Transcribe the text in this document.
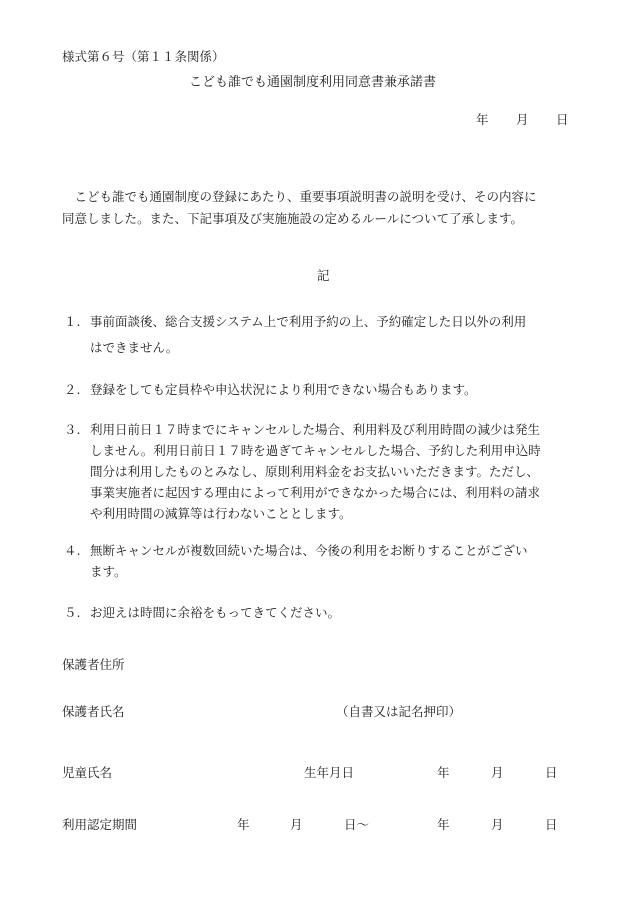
様式第６号（第１１条関係）
こども誰でも通園制度利用同意書兼承諾書
年 月 日
　こども誰でも通園制度の登録にあたり、重要事項説明書の説明を受け、その内容に
同意しました。また、下記事項及び実施施設の定めるルールについて了承します。
記
１. 事前面談後、総合支援システム上で利用予約の上、予約確定した日以外の利用
はできません。
２. 登録をしても定員枠や申込状況により利用できない場合もあります。
３. 利用日前日１７時までにキャンセルした場合、利用料及び利用時間の減少は発生
しません。利用日前日１７時を過ぎてキャンセルした場合、予約した利用申込時
間分は利用したものとみなし、原則利用料金をお支払いいただきます。ただし、
事業実施者に起因する理由によって利用ができなかった場合には、利用料の請求
や利用時間の減算等は行わないこととします。
４. 無断キャンセルが複数回続いた場合は、今後の利用をお断りすることがござい
ます。
５. お迎えは時間に余裕をもってきてください。
保護者住所
保護者氏名	（自書又は記名押印）
児童氏名	生年月日	年	月	日
利用認定期間	年	月	日～	年	月	日
